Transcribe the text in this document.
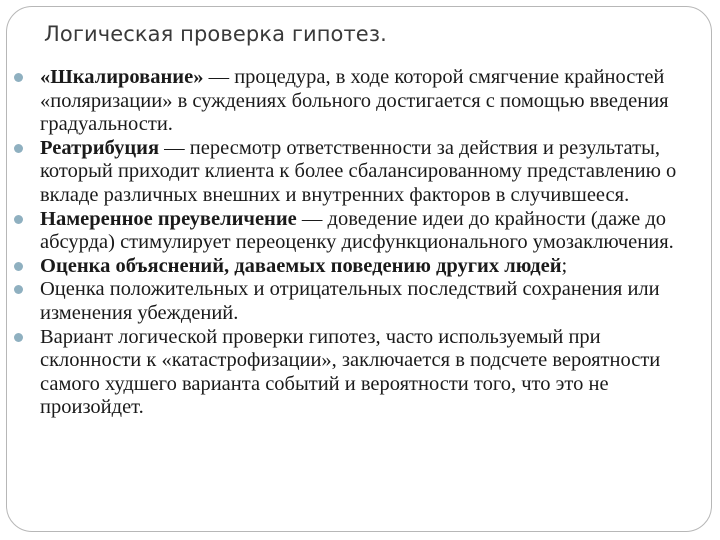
Логическая проверка гипотез.
«Шкалирование» — процедура, в ходе которой смягчение крайностей «поляризации» в суждениях больного достигается с помощью введения градуальности.
Реатрибуция — пересмотр ответственности за действия и результаты, который приходит клиента к более сбалансированному представлению о вкладе различных внешних и внутренних факторов в случившееся.
Намеренное преувеличение — доведение идеи до крайности (даже до абсурда) стимулирует переоценку дисфункционального умозаключения.
Оценка объяснений, даваемых поведению других людей;
Оценка положительных и отрицательных последствий сохранения или изменения убеждений.
Вариант логической проверки гипотез, часто используемый при склонности к «катастрофизации», заключается в подсчете вероятности самого худшего варианта событий и вероятности того, что это не произойдет.
